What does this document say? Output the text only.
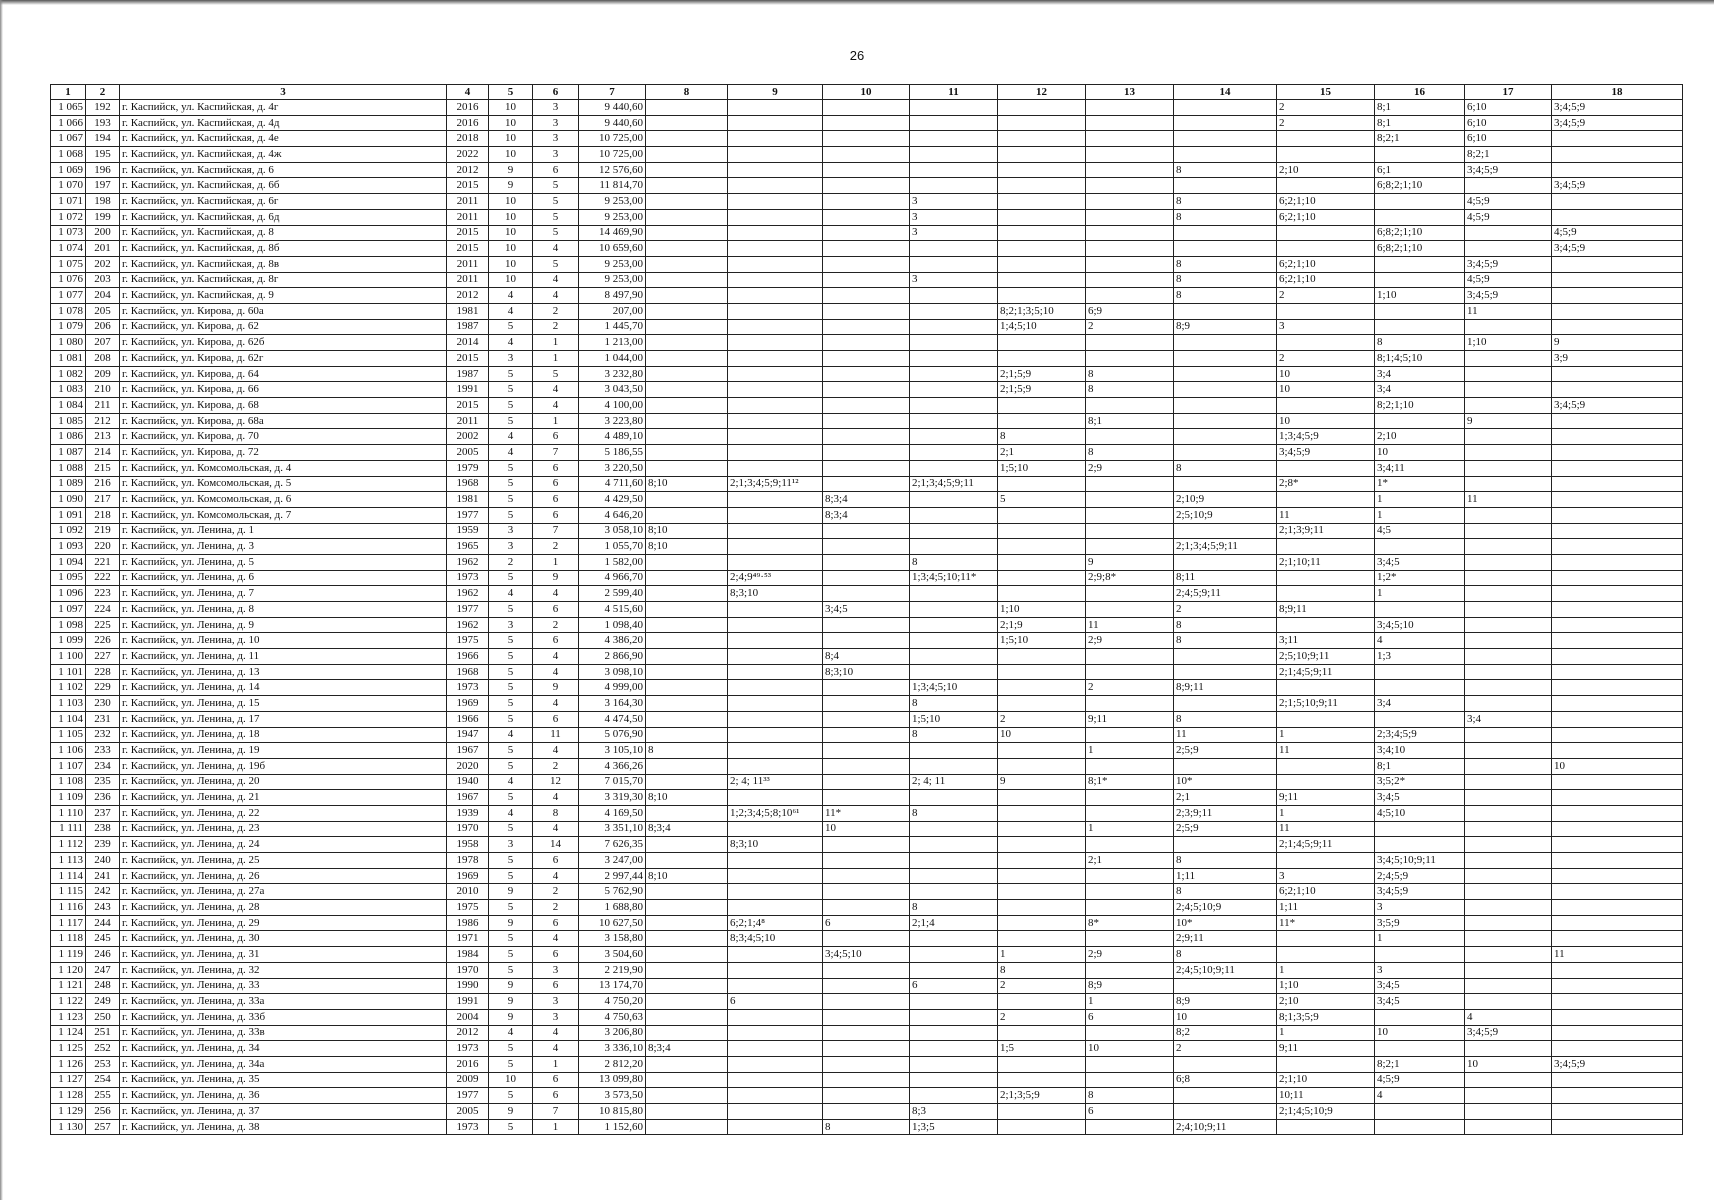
26
1	2	3	4	5	6	7	8	9	10	11	12	13	14	15	16	17	18
1 065	192	г. Каспийск, ул. Каспийская, д. 4г	2016	10	3	9 440,60								2	8;1	6;10	3;4;5;9
1 066	193	г. Каспийск, ул. Каспийская, д. 4д	2016	10	3	9 440,60								2	8;1	6;10	3;4;5;9
1 067	194	г. Каспийск, ул. Каспийская, д. 4е	2018	10	3	10 725,00									8;2;1	6;10	
1 068	195	г. Каспийск, ул. Каспийская, д. 4ж	2022	10	3	10 725,00										8;2;1	
1 069	196	г. Каспийск, ул. Каспийская, д. 6	2012	9	6	12 576,60							8	2;10	6;1	3;4;5;9	
1 070	197	г. Каспийск, ул. Каспийская, д. 6б	2015	9	5	11 814,70									6;8;2;1;10		3;4;5;9
1 071	198	г. Каспийск, ул. Каспийская, д. 6г	2011	10	5	9 253,00				3			8	6;2;1;10		4;5;9	
1 072	199	г. Каспийск, ул. Каспийская, д. 6д	2011	10	5	9 253,00				3			8	6;2;1;10		4;5;9	
1 073	200	г. Каспийск, ул. Каспийская, д. 8	2015	10	5	14 469,90				3					6;8;2;1;10		4;5;9
1 074	201	г. Каспийск, ул. Каспийская, д. 8б	2015	10	4	10 659,60									6;8;2;1;10		3;4;5;9
1 075	202	г. Каспийск, ул. Каспийская, д. 8в	2011	10	5	9 253,00							8	6;2;1;10		3;4;5;9	
1 076	203	г. Каспийск, ул. Каспийская, д. 8г	2011	10	4	9 253,00				3			8	6;2;1;10		4;5;9	
1 077	204	г. Каспийск, ул. Каспийская, д. 9	2012	4	4	8 497,90							8	2	1;10	3;4;5;9	
1 078	205	г. Каспийск, ул. Кирова, д. 60а	1981	4	2	207,00					8;2;1;3;5;10	6;9				11	
1 079	206	г. Каспийск, ул. Кирова, д. 62	1987	5	2	1 445,70					1;4;5;10	2	8;9	3			
1 080	207	г. Каспийск, ул. Кирова, д. 62б	2014	4	1	1 213,00									8	1;10	9
1 081	208	г. Каспийск, ул. Кирова, д. 62г	2015	3	1	1 044,00								2	8;1;4;5;10		3;9
1 082	209	г. Каспийск, ул. Кирова, д. 64	1987	5	5	3 232,80					2;1;5;9	8		10	3;4		
1 083	210	г. Каспийск, ул. Кирова, д. 66	1991	5	4	3 043,50					2;1;5;9	8		10	3;4		
1 084	211	г. Каспийск, ул. Кирова, д. 68	2015	5	4	4 100,00									8;2;1;10		3;4;5;9
1 085	212	г. Каспийск, ул. Кирова, д. 68а	2011	5	1	3 223,80						8;1		10		9	
1 086	213	г. Каспийск, ул. Кирова, д. 70	2002	4	6	4 489,10					8			1;3;4;5;9	2;10		
1 087	214	г. Каспийск, ул. Кирова, д. 72	2005	4	7	5 186,55					2;1	8		3;4;5;9	10		
1 088	215	г. Каспийск, ул. Комсомольская, д. 4	1979	5	6	3 220,50					1;5;10	2;9	8		3;4;11		
1 089	216	г. Каспийск, ул. Комсомольская, д. 5	1968	5	6	4 711,60	8;10	2;1;3;4;5;9;11¹²		2;1;3;4;5;9;11				2;8*	1*		
1 090	217	г. Каспийск, ул. Комсомольская, д. 6	1981	5	6	4 429,50			8;3;4		5		2;10;9		1	11	
1 091	218	г. Каспийск, ул. Комсомольская, д. 7	1977	5	6	4 646,20			8;3;4				2;5;10;9	11	1		
1 092	219	г. Каспийск, ул. Ленина, д. 1	1959	3	7	3 058,10	8;10							2;1;3;9;11	4;5		
1 093	220	г. Каспийск, ул. Ленина, д. 3	1965	3	2	1 055,70	8;10						2;1;3;4;5;9;11				
1 094	221	г. Каспийск, ул. Ленина, д. 5	1962	2	1	1 582,00				8		9		2;1;10;11	3;4;5		
1 095	222	г. Каспийск, ул. Ленина, д. 6	1973	5	9	4 966,70		2;4;9⁴⁹·⁵³		1;3;4;5;10;11*		2;9;8*	8;11		1;2*		
1 096	223	г. Каспийск, ул. Ленина, д. 7	1962	4	4	2 599,40		8;3;10					2;4;5;9;11		1		
1 097	224	г. Каспийск, ул. Ленина, д. 8	1977	5	6	4 515,60			3;4;5		1;10		2	8;9;11			
1 098	225	г. Каспийск, ул. Ленина, д. 9	1962	3	2	1 098,40					2;1;9	11	8		3;4;5;10		
1 099	226	г. Каспийск, ул. Ленина, д. 10	1975	5	6	4 386,20					1;5;10	2;9	8	3;11	4		
1 100	227	г. Каспийск, ул. Ленина, д. 11	1966	5	4	2 866,90			8;4					2;5;10;9;11	1;3		
1 101	228	г. Каспийск, ул. Ленина, д. 13	1968	5	4	3 098,10			8;3;10					2;1;4;5;9;11			
1 102	229	г. Каспийск, ул. Ленина, д. 14	1973	5	9	4 999,00				1;3;4;5;10		2	8;9;11				
1 103	230	г. Каспийск, ул. Ленина, д. 15	1969	5	4	3 164,30				8				2;1;5;10;9;11	3;4		
1 104	231	г. Каспийск, ул. Ленина, д. 17	1966	5	6	4 474,50				1;5;10	2	9;11	8			3;4	
1 105	232	г. Каспийск, ул. Ленина, д. 18	1947	4	11	5 076,90				8	10		11	1	2;3;4;5;9		
1 106	233	г. Каспийск, ул. Ленина, д. 19	1967	5	4	3 105,10	8					1	2;5;9	11	3;4;10		
1 107	234	г. Каспийск, ул. Ленина, д. 19б	2020	5	2	4 366,26									8;1		10
1 108	235	г. Каспийск, ул. Ленина, д. 20	1940	4	12	7 015,70		2; 4; 11³³		2; 4; 11	9	8;1*	10*		3;5;2*		
1 109	236	г. Каспийск, ул. Ленина, д. 21	1967	5	4	3 319,30	8;10						2;1	9;11	3;4;5		
1 110	237	г. Каспийск, ул. Ленина, д. 22	1939	4	8	4 169,50		1;2;3;4;5;8;10⁶¹	11*	8			2;3;9;11	1	4;5;10		
1 111	238	г. Каспийск, ул. Ленина, д. 23	1970	5	4	3 351,10	8;3;4		10			1	2;5;9	11			
1 112	239	г. Каспийск, ул. Ленина, д. 24	1958	3	14	7 626,35		8;3;10						2;1;4;5;9;11			
1 113	240	г. Каспийск, ул. Ленина, д. 25	1978	5	6	3 247,00						2;1	8		3;4;5;10;9;11		
1 114	241	г. Каспийск, ул. Ленина, д. 26	1969	5	4	2 997,44	8;10						1;11	3	2;4;5;9		
1 115	242	г. Каспийск, ул. Ленина, д. 27а	2010	9	2	5 762,90							8	6;2;1;10	3;4;5;9		
1 116	243	г. Каспийск, ул. Ленина, д. 28	1975	5	2	1 688,80				8			2;4;5;10;9	1;11	3		
1 117	244	г. Каспийск, ул. Ленина, д. 29	1986	9	6	10 627,50		6;2;1;4⁸	6	2;1;4		8*	10*	11*	3;5;9		
1 118	245	г. Каспийск, ул. Ленина, д. 30	1971	5	4	3 158,80		8;3;4;5;10					2;9;11		1		
1 119	246	г. Каспийск, ул. Ленина, д. 31	1984	5	6	3 504,60			3;4;5;10		1	2;9	8				11
1 120	247	г. Каспийск, ул. Ленина, д. 32	1970	5	3	2 219,90					8		2;4;5;10;9;11	1	3		
1 121	248	г. Каспийск, ул. Ленина, д. 33	1990	9	6	13 174,70				6	2	8;9		1;10	3;4;5		
1 122	249	г. Каспийск, ул. Ленина, д. 33а	1991	9	3	4 750,20		6				1	8;9	2;10	3;4;5		
1 123	250	г. Каспийск, ул. Ленина, д. 33б	2004	9	3	4 750,63					2	6	10	8;1;3;5;9		4	
1 124	251	г. Каспийск, ул. Ленина, д. 33в	2012	4	4	3 206,80							8;2	1	10	3;4;5;9	
1 125	252	г. Каспийск, ул. Ленина, д. 34	1973	5	4	3 336,10	8;3;4				1;5	10	2	9;11			
1 126	253	г. Каспийск, ул. Ленина, д. 34а	2016	5	1	2 812,20									8;2;1	10	3;4;5;9
1 127	254	г. Каспийск, ул. Ленина, д. 35	2009	10	6	13 099,80							6;8	2;1;10	4;5;9		
1 128	255	г. Каспийск, ул. Ленина, д. 36	1977	5	6	3 573,50					2;1;3;5;9	8		10;11	4		
1 129	256	г. Каспийск, ул. Ленина, д. 37	2005	9	7	10 815,80				8;3		6		2;1;4;5;10;9			
1 130	257	г. Каспийск, ул. Ленина, д. 38	1973	5	1	1 152,60			8	1;3;5			2;4;10;9;11				
